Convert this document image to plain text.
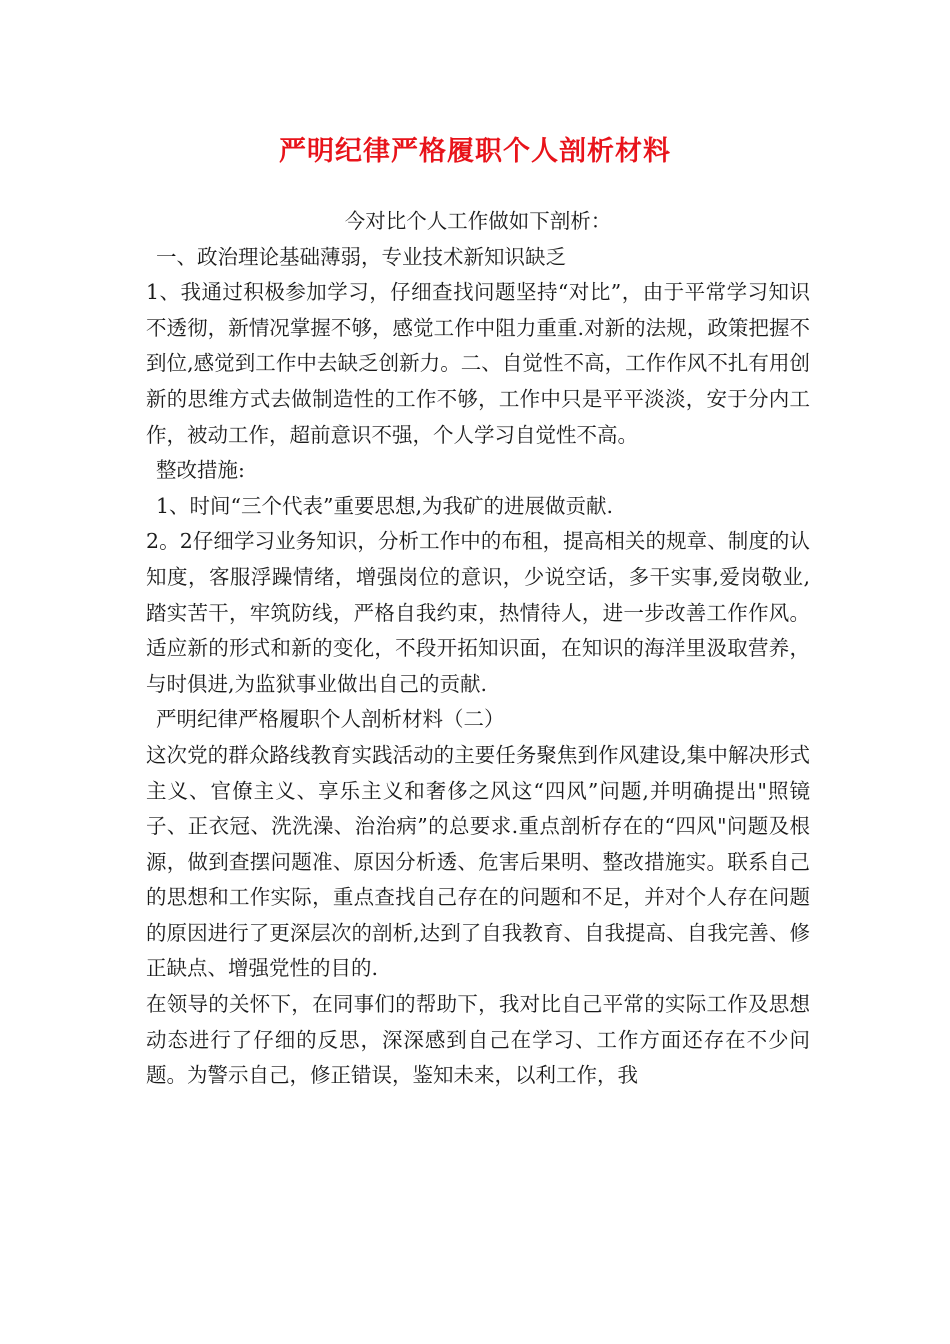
严明纪律严格履职个人剖析材料

今对比个人工作做如下剖析：

一、政治理论基础薄弱，专业技术新知识缺乏

1、我通过积极参加学习，仔细查找问题坚持“对比”，由于平常学习知识不透彻，新情况掌握不够，感觉工作中阻力重重.对新的法规，政策把握不到位,感觉到工作中去缺乏创新力。二、自觉性不高，工作作风不扎有用创新的思维方式去做制造性的工作不够，工作中只是平平淡淡，安于分内工作，被动工作，超前意识不强，个人学习自觉性不高。

整改措施:

1、时间“三个代表”重要思想,为我矿的进展做贡献.

2。2仔细学习业务知识，分析工作中的布租，提高相关的规章、制度的认知度，客服浮躁情绪，增强岗位的意识，少说空话，多干实事,爱岗敬业,踏实苦干，牢筑防线，严格自我约束，热情待人，进一步改善工作作风。适应新的形式和新的变化，不段开拓知识面，在知识的海洋里汲取营养，与时俱进,为监狱事业做出自己的贡献.

严明纪律严格履职个人剖析材料（二）

这次党的群众路线教育实践活动的主要任务聚焦到作风建设,集中解决形式主义、官僚主义、享乐主义和奢侈之风这“四风”问题,并明确提出"照镜子、正衣冠、洗洗澡、治治病”的总要求.重点剖析存在的“四风"问题及根源，做到查摆问题准、原因分析透、危害后果明、整改措施实。联系自己的思想和工作实际，重点查找自己存在的问题和不足，并对个人存在问题的原因进行了更深层次的剖析,达到了自我教育、自我提高、自我完善、修正缺点、增强党性的目的.

在领导的关怀下，在同事们的帮助下，我对比自己平常的实际工作及思想动态进行了仔细的反思，深深感到自己在学习、工作方面还存在不少问题。为警示自己，修正错误，鉴知未来，以利工作，我
